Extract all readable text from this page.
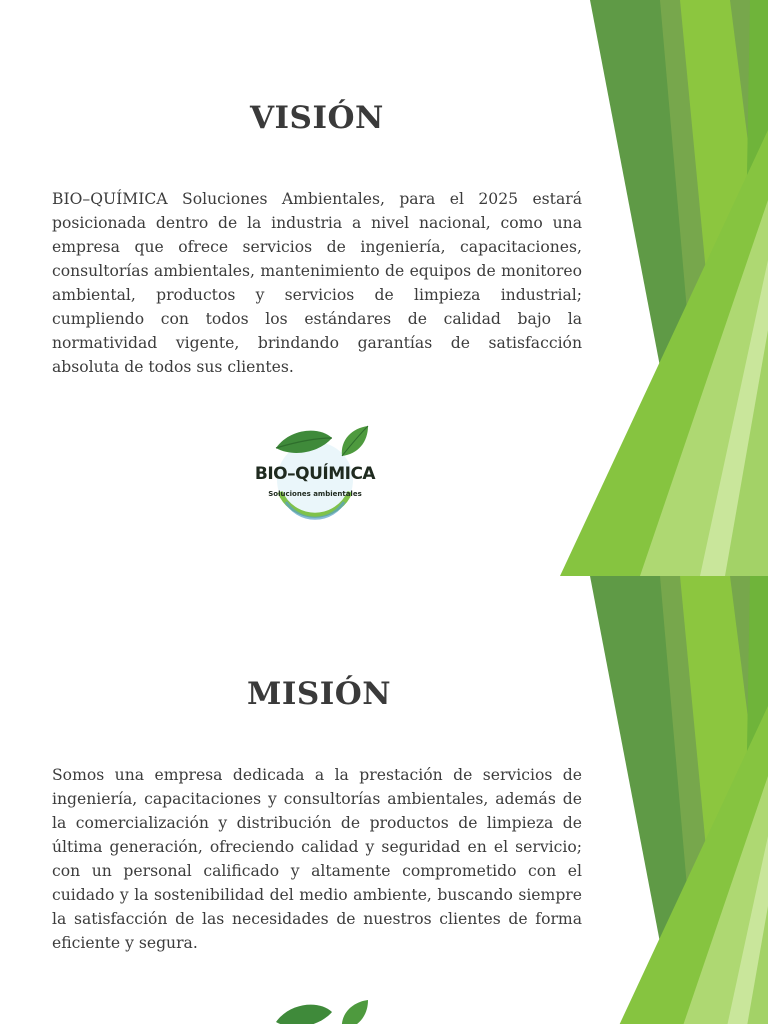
VISIÓN

BIO–QUÍMICA Soluciones Ambientales, para el 2025 estará posicionada dentro de la industria a nivel nacional, como una empresa que ofrece servicios de ingeniería, capacitaciones, consultorías ambientales, mantenimiento de equipos de monitoreo ambiental, productos y servicios de limpieza industrial; cumpliendo con todos los estándares de calidad bajo la normatividad vigente, brindando garantías de satisfacción absoluta de todos sus clientes.

BIO–QUÍMICA
Soluciones ambientales
MISIÓN

Somos una empresa dedicada a la prestación de servicios de ingeniería, capacitaciones y consultorías ambientales, además de la comercialización y distribución de productos de limpieza de última generación, ofreciendo calidad y seguridad en el servicio; con un personal calificado y altamente comprometido con el cuidado y la sostenibilidad del medio ambiente, buscando siempre la satisfacción de las necesidades de nuestros clientes de forma eficiente y segura.
